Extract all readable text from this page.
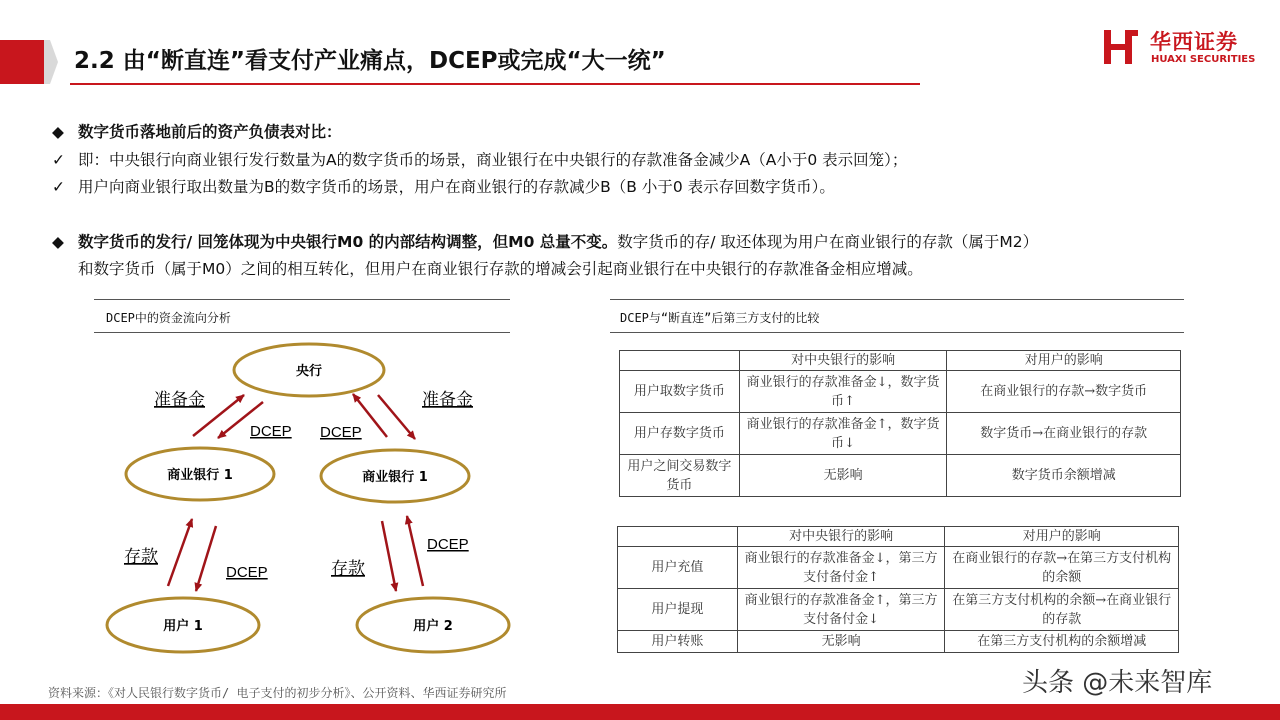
2.2 由“断直连”看支付产业痛点，DCEP或完成“大一统”
华西证券
HUAXI SECURITIES
◆ 数字货币落地前后的资产负债表对比：
✓ 即：中央银行向商业银行发行数量为A的数字货币的场景，商业银行在中央银行的存款准备金减少A（A小于0 表示回笼）；
✓ 用户向商业银行取出数量为B的数字货币的场景，用户在商业银行的存款减少B（B 小于0 表示存回数字货币）。
◆ 数字货币的发行/ 回笼体现为中央银行M0 的内部结构调整，但M0 总量不变。数字货币的存/ 取还体现为用户在商业银行的存款（属于M2）
和数字货币（属于M0）之间的相互转化，但用户在商业银行存款的增减会引起商业银行在中央银行的存款准备金相应增减。
DCEP中的资金流向分析
央行
商业银行 1	商业银行 1
用户 1	用户 2
准备金	准备金
DCEP DCEP
存款
存款
DCEP
DCEP
DCEP与“断直连”后第三方支付的比较
	对中央银行的影响	对用户的影响
用户取数字货币	商业银行的存款准备金↓，数字货币↑	在商业银行的存款→数字货币
用户存数字货币	商业银行的存款准备金↑，数字货币↓	数字货币→在商业银行的存款
用户之间交易数字货币	无影响	数字货币余额增减
	对中央银行的影响	对用户的影响
用户充值	商业银行的存款准备金↓，第三方支付备付金↑	在商业银行的存款→在第三方支付机构的余额
用户提现	商业银行的存款准备金↑，第三方支付备付金↓	在第三方支付机构的余额→在商业银行的存款
用户转账	无影响	在第三方支付机构的余额增减
资料来源：《对人民银行数字货币/ 电子支付的初步分析》、公开资料、华西证券研究所	头条 @未来智库
